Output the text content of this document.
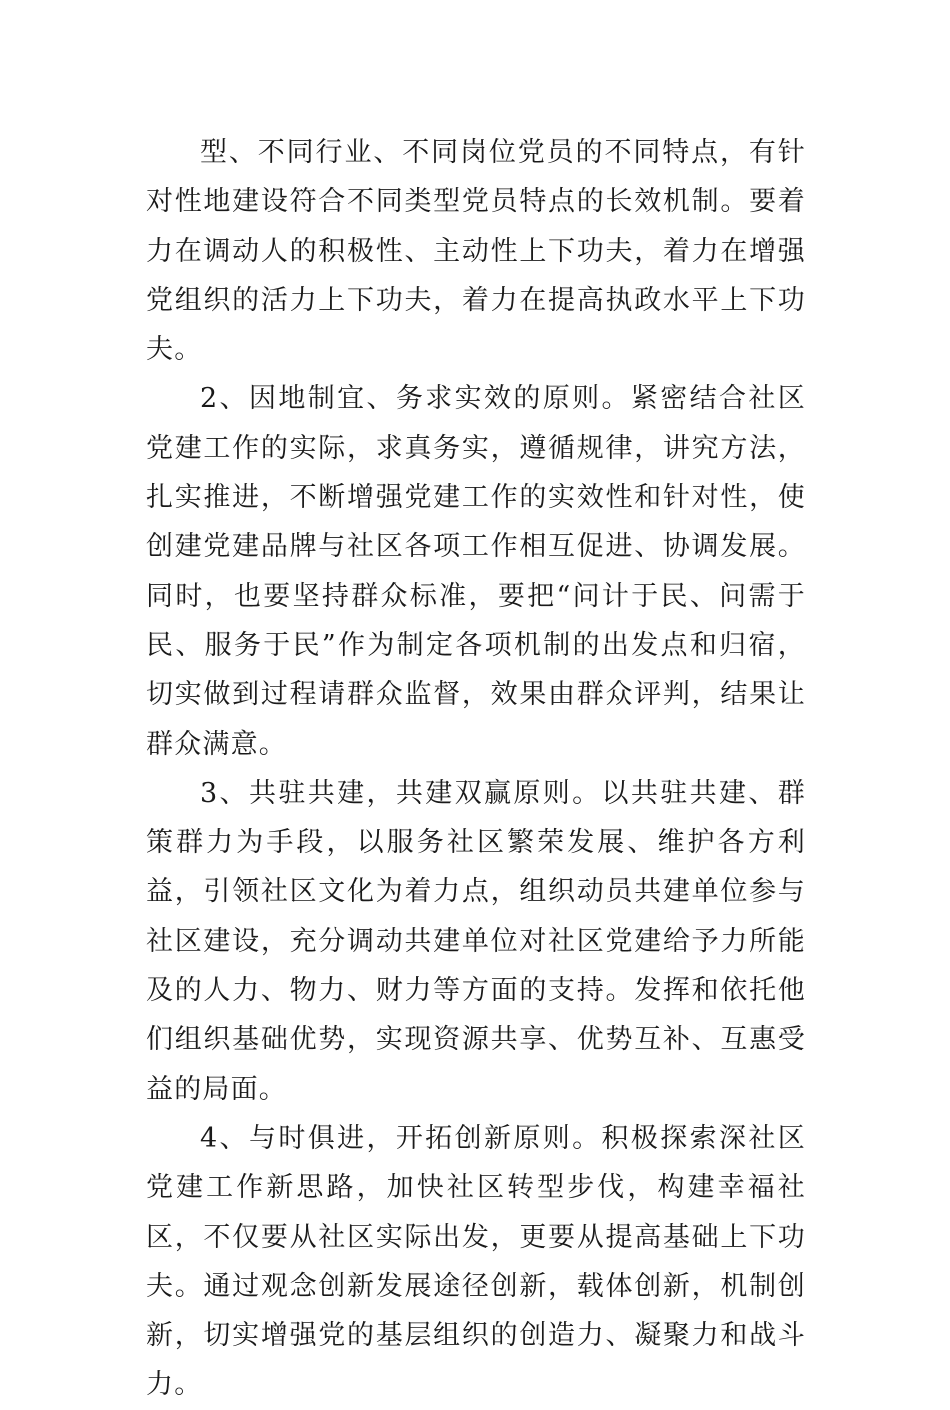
型、不同行业、不同岗位党员的不同特点，有针对性地建设符合不同类型党员特点的长效机制。要着力在调动人的积极性、主动性上下功夫，着力在增强党组织的活力上下功夫，着力在提高执政水平上下功夫。

2、因地制宜、务求实效的原则。紧密结合社区党建工作的实际，求真务实，遵循规律，讲究方法，扎实推进，不断增强党建工作的实效性和针对性，使创建党建品牌与社区各项工作相互促进、协调发展。同时，也要坚持群众标准，要把“问计于民、问需于民、服务于民”作为制定各项机制的出发点和归宿，切实做到过程请群众监督，效果由群众评判，结果让群众满意。

3、共驻共建，共建双赢原则。以共驻共建、群策群力为手段，以服务社区繁荣发展、维护各方利益，引领社区文化为着力点，组织动员共建单位参与社区建设，充分调动共建单位对社区党建给予力所能及的人力、物力、财力等方面的支持。发挥和依托他们组织基础优势，实现资源共享、优势互补、互惠受益的局面。

4、与时俱进，开拓创新原则。积极探索深社区党建工作新思路，加快社区转型步伐，构建幸福社区，不仅要从社区实际出发，更要从提高基础上下功夫。通过观念创新发展途径创新，载体创新，机制创新，切实增强党的基层组织的创造力、凝聚力和战斗力。
